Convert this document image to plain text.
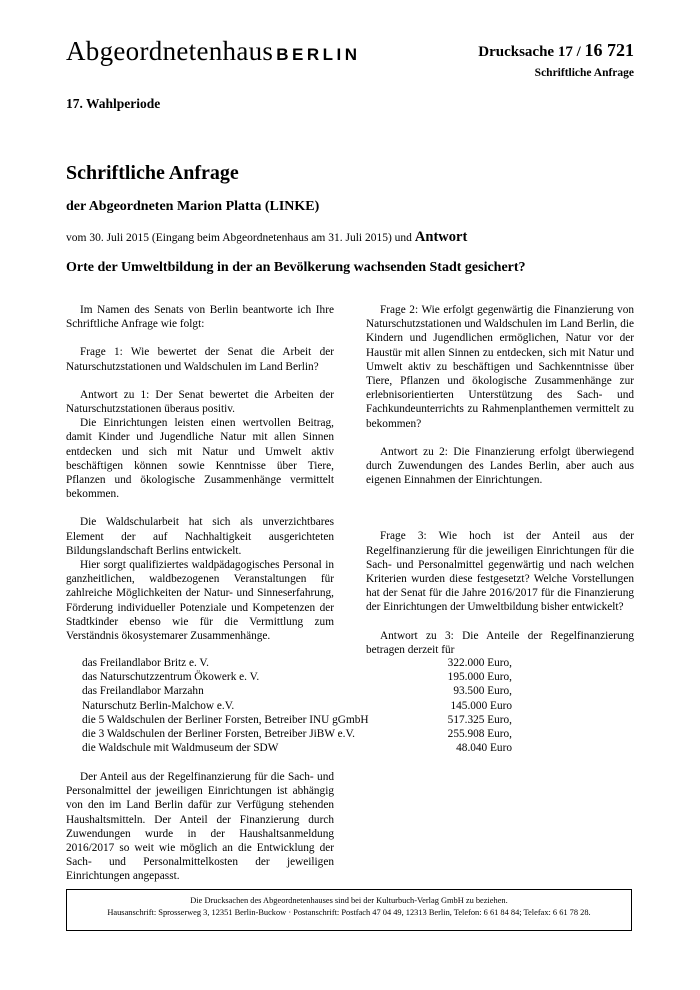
Abgeordnetenhaus BERLIN	Drucksache 17 / 16 721
Schriftliche Anfrage
17. Wahlperiode
Schriftliche Anfrage
der Abgeordneten Marion Platta (LINKE)
vom 30. Juli 2015 (Eingang beim Abgeordnetenhaus am 31. Juli 2015) und Antwort
Orte der Umweltbildung in der an Bevölkerung wachsenden Stadt gesichert?

Im Namen des Senats von Berlin beantworte ich Ihre Schriftliche Anfrage wie folgt:

Frage 1: Wie bewertet der Senat die Arbeit der Naturschutzstationen und Waldschulen im Land Berlin?

Antwort zu 1: Der Senat bewertet die Arbeiten der Naturschutzstationen überaus positiv.

Die Einrichtungen leisten einen wertvollen Beitrag, damit Kinder und Jugendliche Natur mit allen Sinnen entdecken und sich mit Natur und Umwelt aktiv beschäftigen können sowie Kenntnisse über Tiere, Pflanzen und ökologische Zusammenhänge vermittelt bekommen.

Die Waldschularbeit hat sich als unverzichtbares Element der auf Nachhaltigkeit ausgerichteten Bildungslandschaft Berlins entwickelt.

Hier sorgt qualifiziertes waldpädagogisches Personal in ganzheitlichen, waldbezogenen Veranstaltungen für zahlreiche Möglichkeiten der Natur- und Sinneserfahrung, Förderung individueller Potenziale und Kompetenzen der Stadtkinder ebenso wie für die Vermittlung zum Verständnis ökosystemarer Zusammenhänge.

Frage 2: Wie erfolgt gegenwärtig die Finanzierung von Naturschutzstationen und Waldschulen im Land Berlin, die Kindern und Jugendlichen ermöglichen, Natur vor der Haustür mit allen Sinnen zu entdecken, sich mit Natur und Umwelt aktiv zu beschäftigen und Sachkenntnisse über Tiere, Pflanzen und ökologische Zusammenhänge zur erlebnisorientierten Unterstützung des Sach- und Fachkundeunterrichts zu Rahmenplanthemen vermittelt zu bekommen?

Antwort zu 2: Die Finanzierung erfolgt überwiegend durch Zuwendungen des Landes Berlin, aber auch aus eigenen Einnahmen der Einrichtungen.

Frage 3: Wie hoch ist der Anteil aus der Regelfinanzierung für die jeweiligen Einrichtungen für die Sach- und Personalmittel gegenwärtig und nach welchen Kriterien wurden diese festgesetzt? Welche Vorstellungen hat der Senat für die Jahre 2016/2017 für die Finanzierung der Einrichtungen der Umweltbildung bisher entwickelt?

Antwort zu 3: Die Anteile der Regelfinanzierung betragen derzeit für

das Freilandlabor Britz e. V.	322.000 Euro,
das Naturschutzzentrum Ökowerk e. V.	195.000 Euro,
das Freilandlabor Marzahn	93.500 Euro,
Naturschutz Berlin-Malchow e.V.	145.000 Euro
die 5 Waldschulen der Berliner Forsten, Betreiber INU gGmbH	517.325 Euro,
die 3 Waldschulen der Berliner Forsten, Betreiber JiBW e.V.	255.908 Euro,
die Waldschule mit Waldmuseum der SDW	48.040 Euro

Der Anteil aus der Regelfinanzierung für die Sach- und Personalmittel der jeweiligen Einrichtungen ist abhängig von den im Land Berlin dafür zur Verfügung stehenden Haushaltsmitteln. Der Anteil der Finanzierung durch Zuwendungen wurde in der Haushaltsanmeldung 2016/2017 so weit wie möglich an die Entwicklung der Sach- und Personalmittelkosten der jeweiligen Einrichtungen angepasst.

Die Drucksachen des Abgeordnetenhauses sind bei der Kulturbuch-Verlag GmbH zu beziehen.
Hausanschrift: Sprosserweg 3, 12351 Berlin-Buckow · Postanschrift: Postfach 47 04 49, 12313 Berlin, Telefon: 6 61 84 84; Telefax: 6 61 78 28.
